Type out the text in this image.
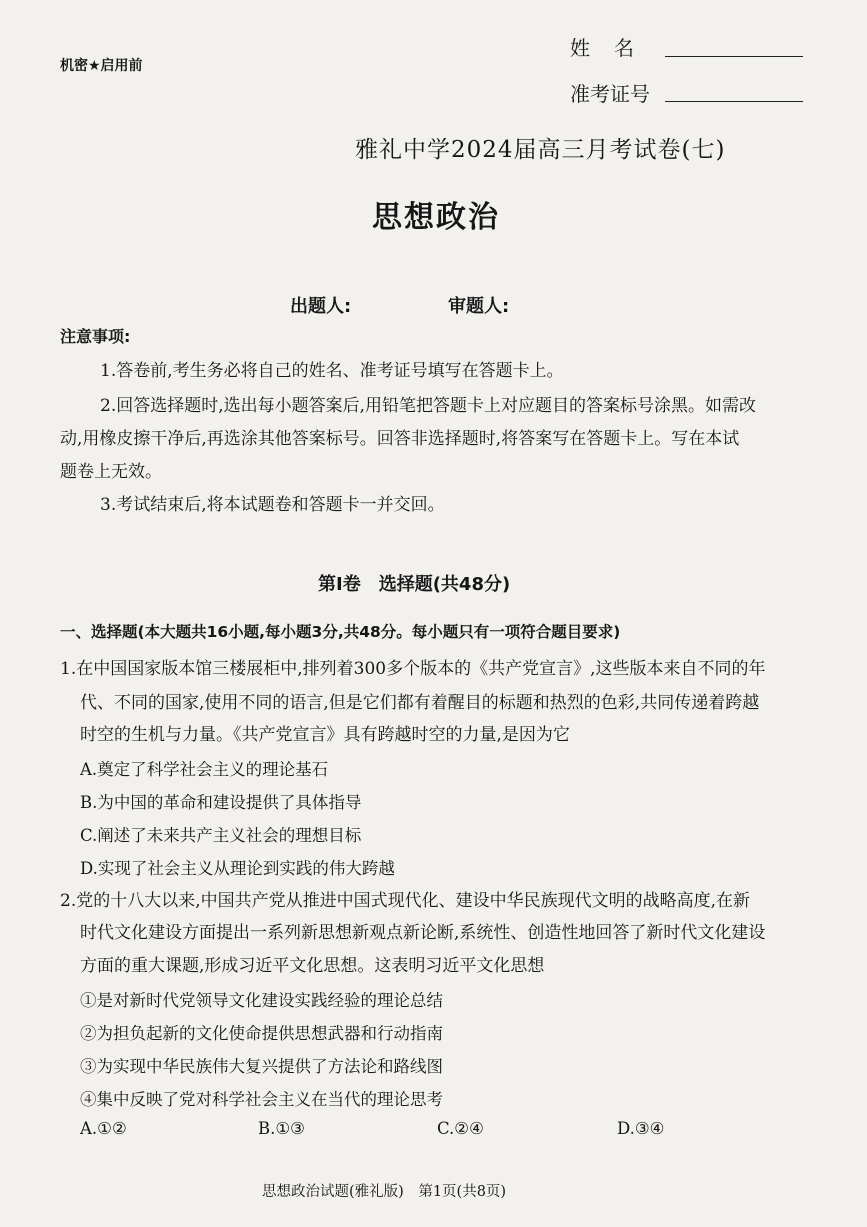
机密★启用前
姓　名
准考证号
雅礼中学2024届高三月考试卷(七)
思想政治
出题人:	审题人:
注意事项:
1.答卷前,考生务必将自己的姓名、准考证号填写在答题卡上。
2.回答选择题时,选出每小题答案后,用铅笔把答题卡上对应题目的答案标号涂黑。如需改
动,用橡皮擦干净后,再选涂其他答案标号。回答非选择题时,将答案写在答题卡上。写在本试
题卷上无效。
3.考试结束后,将本试题卷和答题卡一并交回。
第Ⅰ卷　选择题(共48分)
一、选择题(本大题共16小题,每小题3分,共48分。每小题只有一项符合题目要求)
1.在中国国家版本馆三楼展柜中,排列着300多个版本的《共产党宣言》,这些版本来自不同的年
代、不同的国家,使用不同的语言,但是它们都有着醒目的标题和热烈的色彩,共同传递着跨越
时空的生机与力量。《共产党宣言》具有跨越时空的力量,是因为它
A.奠定了科学社会主义的理论基石
B.为中国的革命和建设提供了具体指导
C.阐述了未来共产主义社会的理想目标
D.实现了社会主义从理论到实践的伟大跨越
2.党的十八大以来,中国共产党从推进中国式现代化、建设中华民族现代文明的战略高度,在新
时代文化建设方面提出一系列新思想新观点新论断,系统性、创造性地回答了新时代文化建设
方面的重大课题,形成习近平文化思想。这表明习近平文化思想
①是对新时代党领导文化建设实践经验的理论总结
②为担负起新的文化使命提供思想武器和行动指南
③为实现中华民族伟大复兴提供了方法论和路线图
④集中反映了党对科学社会主义在当代的理论思考
A.①②	B.①③	C.②④	D.③④
思想政治试题(雅礼版)　第1页(共8页)
